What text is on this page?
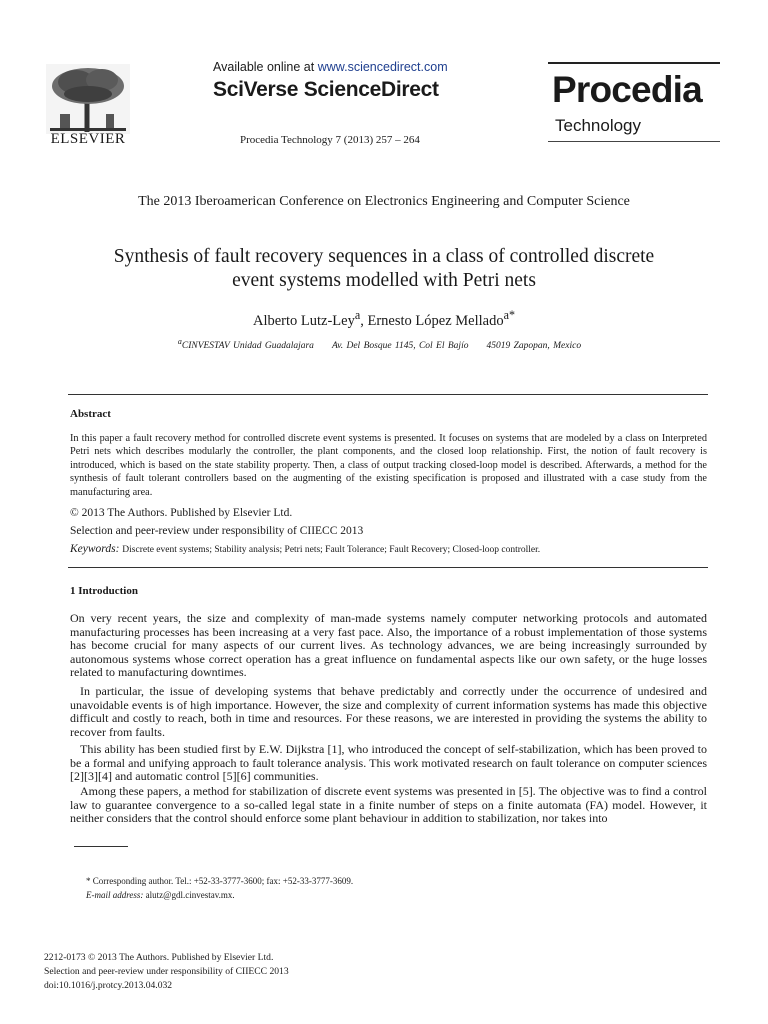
ELSEVIER
Available online at www.sciencedirect.com
SciVerse ScienceDirect
Procedia Technology 7 (2013) 257 – 264
Procedia
Technology
The 2013 Iberoamerican Conference on Electronics Engineering and Computer Science
Synthesis of fault recovery sequences in a class of controlled discrete
event systems modelled with Petri nets
Alberto Lutz-Ley$^a$, Ernesto López Mellado$^{a*}$
$^a$CINVESTAV Unidad Guadalajara Av. Del Bosque 1145, Col El Bajío 45019 Zapopan, Mexico
Abstract
In this paper a fault recovery method for controlled discrete event systems is presented. It focuses on systems that are modeled by a class on Interpreted Petri nets which describes modularly the controller, the plant components, and the closed loop relationship. First, the notion of fault recovery is introduced, which is based on the state stability property. Then, a class of output tracking closed-loop model is described. Afterwards, a method for the synthesis of fault tolerant controllers based on the augmenting of the existing specification is proposed and illustrated with a case study from the manufacturing area.
© 2013 The Authors. Published by Elsevier Ltd.
Selection and peer-review under responsibility of CIIECC 2013
Keywords: Discrete event systems; Stability analysis; Petri nets; Fault Tolerance; Fault Recovery; Closed-loop controller.
1 Introduction
On very recent years, the size and complexity of man-made systems namely computer networking protocols and automated manufacturing processes has been increasing at a very fast pace. Also, the importance of a robust implementation of those systems has become crucial for many aspects of our current lives. As technology advances, we are being increasingly surrounded by autonomous systems whose correct operation has a great influence on fundamental aspects like our own safety, or the huge losses related to manufacturing downtimes.
In particular, the issue of developing systems that behave predictably and correctly under the occurrence of undesired and unavoidable events is of high importance. However, the size and complexity of current information systems has made this objective difficult and costly to reach, both in time and resources. For these reasons, we are interested in providing the systems the ability to recover from faults.
This ability has been studied first by E.W. Dijkstra [1], who introduced the concept of self-stabilization, which has been proved to be a formal and unifying approach to fault tolerance analysis. This work motivated research on fault tolerance on computer sciences [2][3][4] and automatic control [5][6] communities.
Among these papers, a method for stabilization of discrete event systems was presented in [5]. The objective was to find a control law to guarantee convergence to a so-called legal state in a finite number of steps on a finite automata (FA) model. However, it neither considers that the control should enforce some plant behaviour in addition to stabilization, nor takes into
* Corresponding author. Tel.: +52-33-3777-3600; fax: +52-33-3777-3609.
E-mail address: alutz@gdl.cinvestav.mx.
2212-0173 © 2013 The Authors. Published by Elsevier Ltd.
Selection and peer-review under responsibility of CIIECC 2013
doi:10.1016/j.protcy.2013.04.032
